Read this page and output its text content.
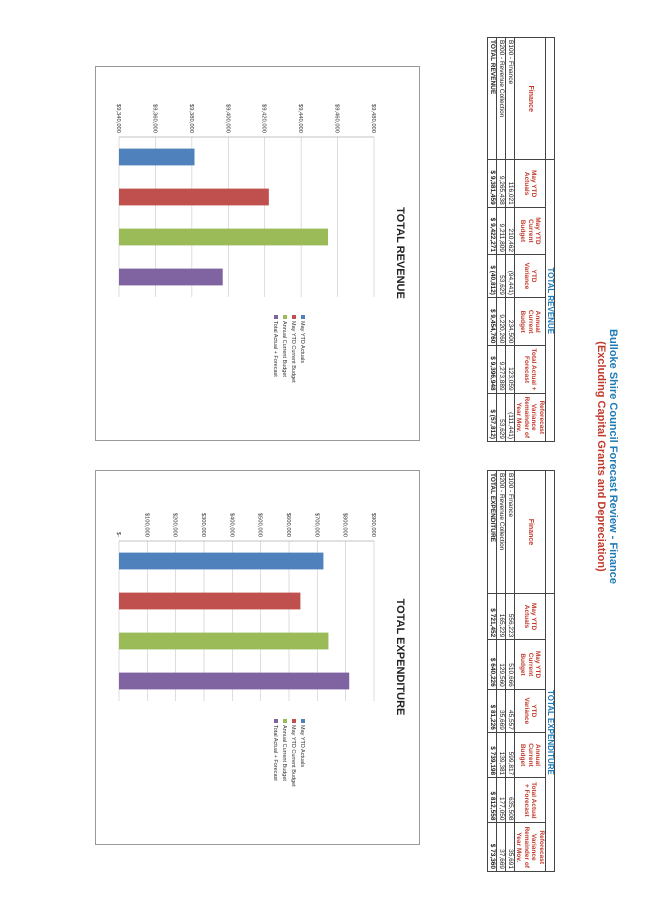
Bulloke Shire Council Forecast Review - Finance
(Excluding Capital Grants and Depreciation)
	TOTAL REVENUE					
Finance	May YTD Actuals	May YTD Current Budget	YTD Variance	Annual Current Budget	Total Actual + Forecast	Reforecast Variance Remainder of Year Mov.
B100 - Finance	116,021	210,462	(94,441)	234,500	123,059	(111,441)
B200 - Revenue Collection	9,265,438	9,211,809	53,629	9,220,260	9,273,889	53,629
TOTAL REVENUE	$ 9,381,459	$ 9,422,271	$ (40,812)	$ 9,454,760	$ 9,396,948	$ (57,812)
	TOTAL EXPENDITURE					
Finance	May YTD Actuals	May YTD Current Budget	YTD Variance	Annual Current Budget	Total Actual + Forecast	Reforecast Variance Remainder of Year Mov.
B100 - Finance	556,223	510,666	45,557	599,817	635,508	35,691
B200 - Revenue Collection	165,229	129,560	35,669	139,381	177,050	37,669
TOTAL EXPENDITURE	$ 721,452	$ 640,226	$ 81,226	$ 739,198	$ 812,558	$ 73,360
TOTAL REVENUE
$9,340,000	$9,360,000	$9,380,000	$9,400,000	$9,420,000	$9,440,000	$9,460,000	$9,480,000
May YTD Actuals
May YTD Current Budget
Annual Current Budget
Total Actual + Forecast
TOTAL EXPENDITURE
$-	$100,000	$200,000	$300,000	$400,000	$500,000	$600,000	$700,000	$800,000	$900,000
May YTD Actuals
May YTD Current Budget
Annual Current Budget
Total Actual + Forecast
